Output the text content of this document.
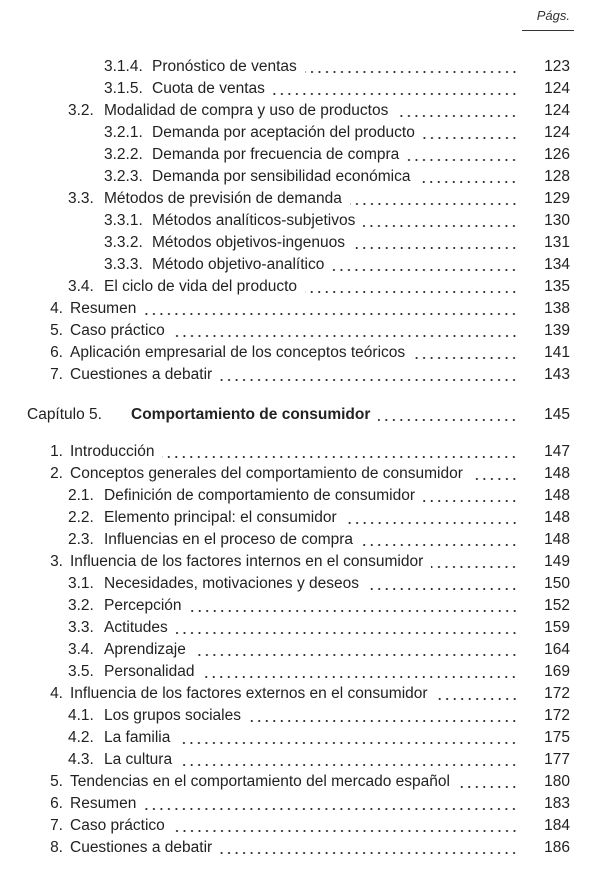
Págs.
3.1.4. Pronóstico de ventas	123
3.1.5. Cuota de ventas	124
3.2. Modalidad de compra y uso de productos	124
3.2.1. Demanda por aceptación del producto	124
3.2.2. Demanda por frecuencia de compra	126
3.2.3. Demanda por sensibilidad económica	128
3.3. Métodos de previsión de demanda	129
3.3.1. Métodos analíticos-subjetivos	130
3.3.2. Métodos objetivos-ingenuos	131
3.3.3. Método objetivo-analítico	134
3.4. El ciclo de vida del producto	135
4. Resumen	138
5. Caso práctico	139
6. Aplicación empresarial de los conceptos teóricos	141
7. Cuestiones a debatir	143
Capítulo 5. Comportamiento de consumidor	145
1. Introducción	147
2. Conceptos generales del comportamiento de consumidor	148
2.1. Definición de comportamiento de consumidor	148
2.2. Elemento principal: el consumidor	148
2.3. Influencias en el proceso de compra	148
3. Influencia de los factores internos en el consumidor	149
3.1. Necesidades, motivaciones y deseos	150
3.2. Percepción	152
3.3. Actitudes	159
3.4. Aprendizaje	164
3.5. Personalidad	169
4. Influencia de los factores externos en el consumidor	172
4.1. Los grupos sociales	172
4.2. La familia	175
4.3. La cultura	177
5. Tendencias en el comportamiento del mercado español	180
6. Resumen	183
7. Caso práctico	184
8. Cuestiones a debatir	186
